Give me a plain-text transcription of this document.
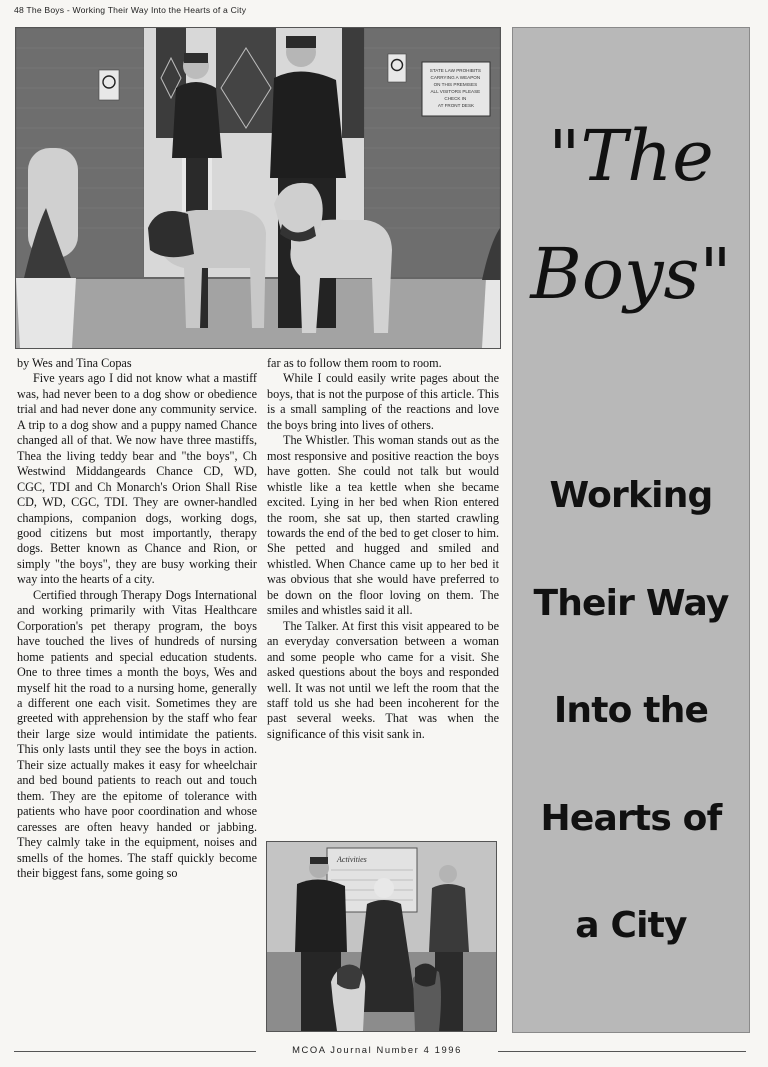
48 The Boys - Working Their Way Into the Hearts of a City
STATE LAW PROHIBITS CARRYING A WEAPON ON THIS PREMISES ALL VISITORS PLEASE CHECK IN AT FRONT DESK

by Wes and Tina Copas

Five years ago I did not know what a mastiff was, had never been to a dog show or obedience trial and had never done any community service. A trip to a dog show and a puppy named Chance changed all of that. We now have three mastiffs, Thea the living teddy bear and "the boys", Ch Westwind Middangeards Chance CD, WD, CGC, TDI and Ch Monarch's Orion Shall Rise CD, WD, CGC, TDI. They are owner-handled champions, companion dogs, working dogs, good citizens but most importantly, therapy dogs. Better known as Chance and Rion, or simply "the boys", they are busy working their way into the hearts of a city.

Certified through Therapy Dogs International and working primarily with Vitas Healthcare Corporation's pet therapy program, the boys have touched the lives of hundreds of nursing home patients and special education students. One to three times a month the boys, Wes and myself hit the road to a nursing home, generally a different one each visit. Sometimes they are greeted with apprehension by the staff who fear their large size would intimidate the patients. This only lasts until they see the boys in action. Their size actually makes it easy for wheelchair and bed bound patients to reach out and touch them. They are the epitome of tolerance with patients who have poor coordination and whose caresses are often heavy handed or jabbing. They calmly take in the equipment, noises and smells of the homes. The staff quickly become their biggest fans, some going so

far as to follow them room to room.

While I could easily write pages about the boys, that is not the purpose of this article. This is a small sampling of the reactions and love the boys bring into lives of others.

The Whistler. This woman stands out as the most responsive and positive reaction the boys have gotten. She could not talk but would whistle like a tea kettle when she became excited. Lying in her bed when Rion entered the room, she sat up, then started crawling towards the end of the bed to get closer to him. She petted and hugged and smiled and whistled. When Chance came up to her bed it was obvious that she would have preferred to be down on the floor loving on them. The smiles and whistles said it all.

The Talker. At first this visit appeared to be an everyday conversation between a woman and some people who came for a visit. She asked questions about the boys and responded well. It was not until we left the room that the staff told us she had been incoherent for the past several weeks. That was when the significance of this visit sank in.

Activities
"The
Boys"
Working
Their Way
Into the
Hearts of
a City
MCOA Journal Number 4 1996
